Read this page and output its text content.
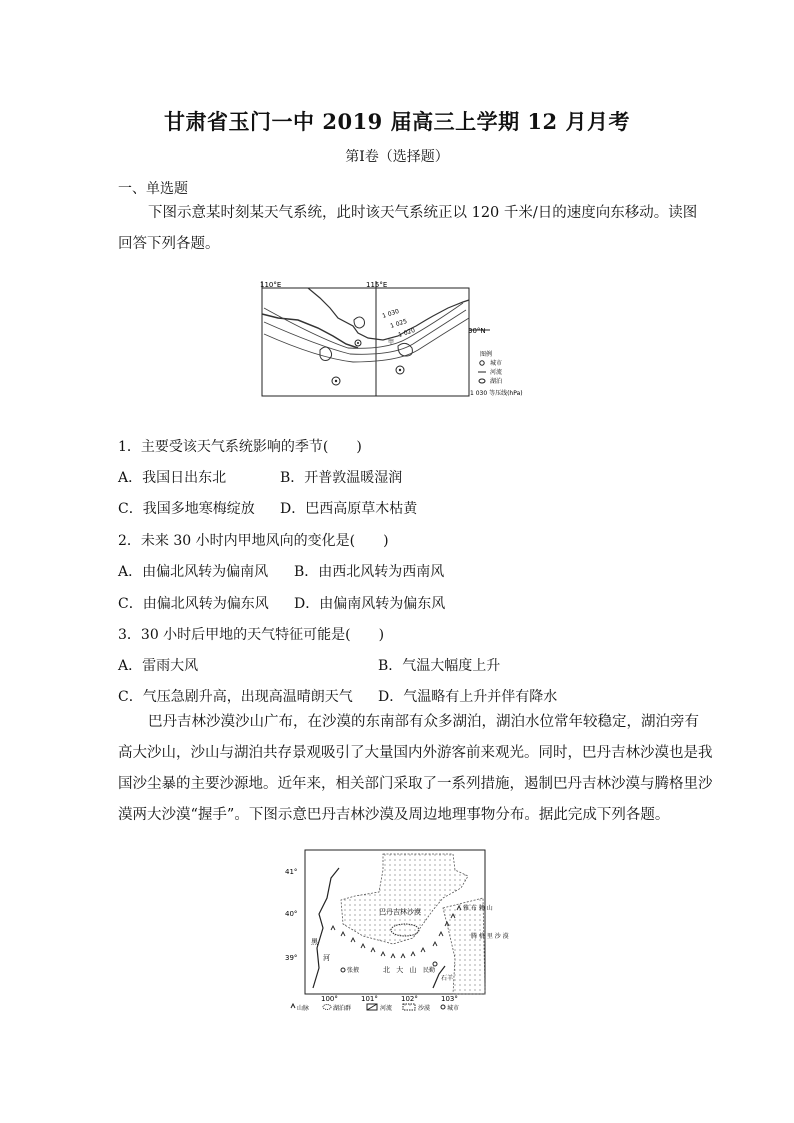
甘肃省玉门一中 2019 届高三上学期 12 月月考
第Ⅰ卷（选择题）
一、单选题
下图示意某时刻某天气系统，此时该天气系统正以 120 千米/日的速度向东移动。读图
回答下列各题。
110°E	115°E
30°N
1 030
1 025
1 020
甲
图例
城市
河流
湖泊
1 030 等压线(hPa)
1．主要受该天气系统影响的季节(　　)
A．我国日出东北	B．开普敦温暖湿润
C．我国多地寒梅绽放 D．巴西高原草木枯黄
2．未来 30 小时内甲地风向的变化是(　　)
A．由偏北风转为偏南风 B．由西北风转为西南风
C．由偏北风转为偏东风 D．由偏南风转为偏东风
3．30 小时后甲地的天气特征可能是(　　)
A．雷雨大风	B．气温大幅度上升
C．气压急剧升高，出现高温晴朗天气 D．气温略有上升并伴有降水
巴丹吉林沙漠沙山广布，在沙漠的东南部有众多湖泊，湖泊水位常年较稳定，湖泊旁有
高大沙山，沙山与湖泊共存景观吸引了大量国内外游客前来观光。同时，巴丹吉林沙漠也是我
国沙尘暴的主要沙源地。近年来，相关部门采取了一系列措施，遏制巴丹吉林沙漠与腾格里沙
漠两大沙漠“握手”。下图示意巴丹吉林沙漠及周边地理事物分布。据此完成下列各题。
41°
40°
39°
100°	101°	102°	103°
巴丹吉林沙漠
北 大 山
雅 布 赖 山
腾 格 里 沙 漠
黑
河
张掖	民勤
石羊
山脉	湖泊群	河流	沙漠	城市
